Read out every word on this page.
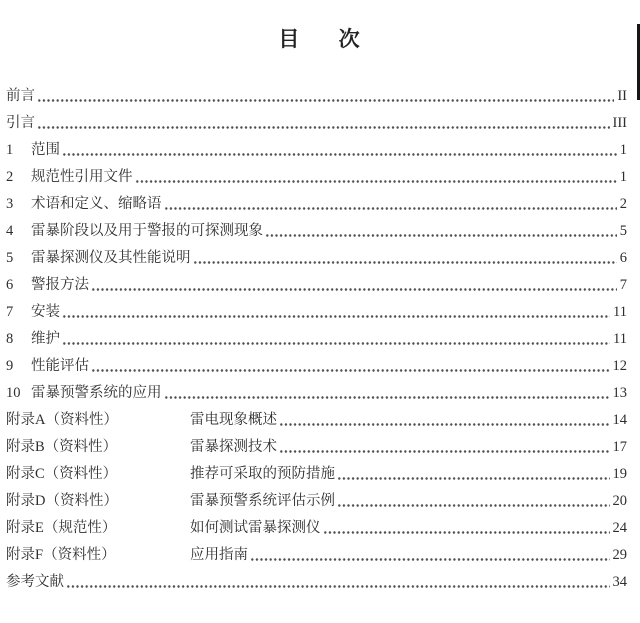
目 次
前言	II
引言	III
1	范围	1
2	规范性引用文件	1
3	术语和定义、缩略语	2
4	雷暴阶段以及用于警报的可探测现象	5
5	雷暴探测仪及其性能说明	6
6	警报方法	7
7	安装	11
8	维护	11
9	性能评估	12
10 雷暴预警系统的应用	13
附录A（资料性）	雷电现象概述	14
附录B（资料性）	雷暴探测技术	17
附录C（资料性）	推荐可采取的预防措施	19
附录D（资料性）	雷暴预警系统评估示例	20
附录E（规范性）	如何测试雷暴探测仪	24
附录F（资料性）	应用指南	29
参考文献	34
